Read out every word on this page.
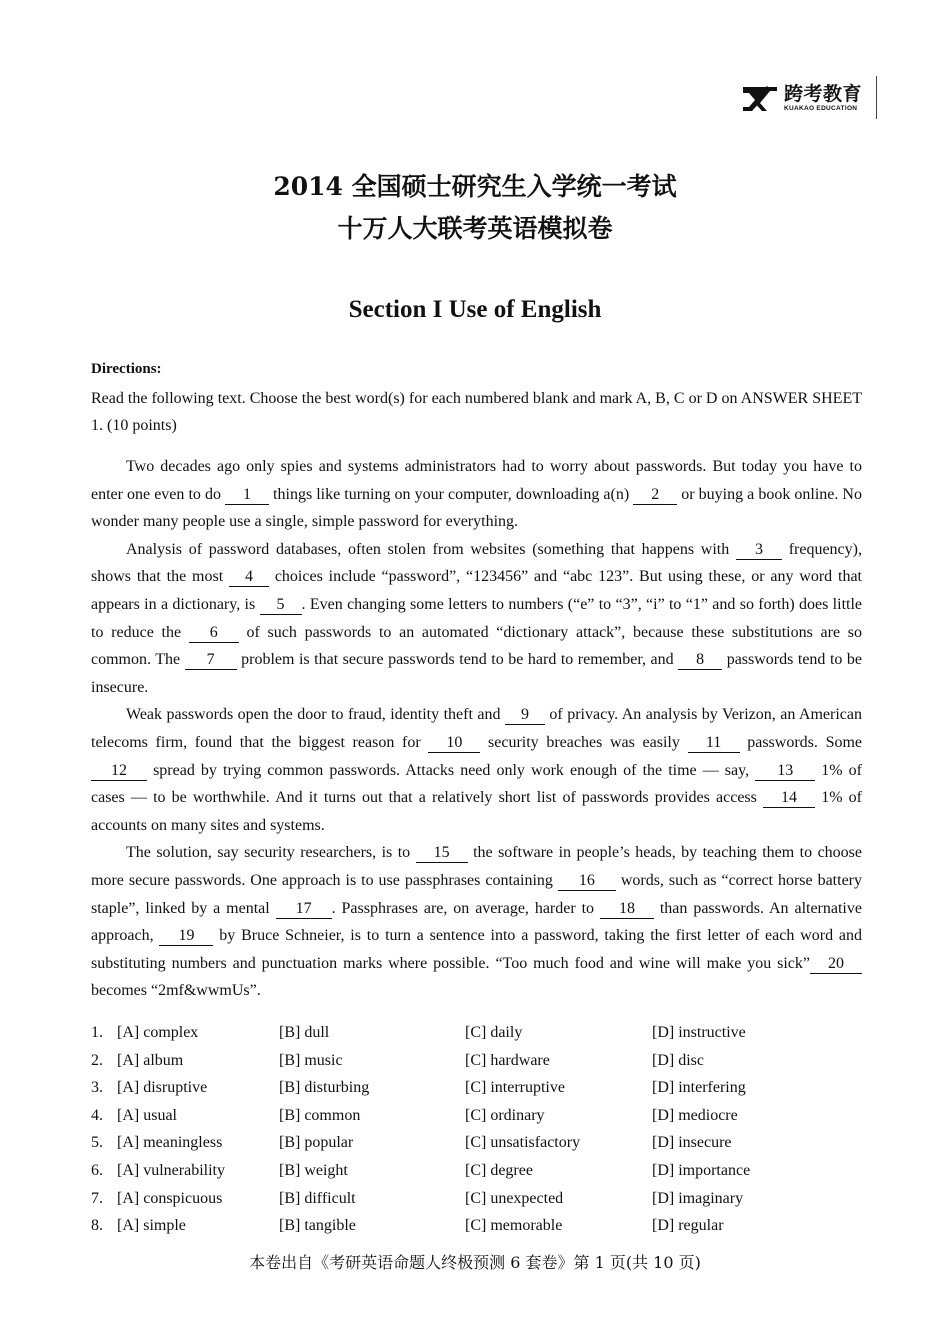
跨考教育
KUAKAO EDUCATION
2014 全国硕士研究生入学统一考试
十万人大联考英语模拟卷
Section I Use of English
Directions:

Read the following text. Choose the best word(s) for each numbered blank and mark A, B, C or D on ANSWER SHEET 1. (10 points)

Two decades ago only spies and systems administrators had to worry about passwords. But today you have to enter one even to do 1 things like turning on your computer, downloading a(n) 2 or buying a book online. No wonder many people use a single, simple password for everything.

Analysis of password databases, often stolen from websites (something that happens with 3 frequency), shows that the most 4 choices include “password”, “123456” and “abc 123”. But using these, or any word that appears in a dictionary, is 5 . Even changing some letters to numbers (“e” to “3”, “i” to “1” and so forth) does little to reduce the 6 of such passwords to an automated “dictionary attack”, because these substitutions are so common. The 7 problem is that secure passwords tend to be hard to remember, and 8 passwords tend to be insecure.

Weak passwords open the door to fraud, identity theft and 9 of privacy. An analysis by Verizon, an American telecoms firm, found that the biggest reason for 10 security breaches was easily 11 passwords. Some 12 spread by trying common passwords. Attacks need only work enough of the time — say, 13 1% of cases — to be worthwhile. And it turns out that a relatively short list of passwords provides access 14 1% of accounts on many sites and systems.

The solution, say security researchers, is to 15 the software in people’s heads, by teaching them to choose more secure passwords. One approach is to use passphrases containing 16 words, such as “correct horse battery staple”, linked by a mental 17 . Passphrases are, on average, harder to 18 than passwords. An alternative approach, 19 by Bruce Schneier, is to turn a sentence into a password, taking the first letter of each word and substituting numbers and punctuation marks where possible. “Too much food and wine will make you sick” 20 becomes “2mf&wwmUs”.

1. [A] complex	[B] dull	[C] daily	[D] instructive
2. [A] album	[B] music	[C] hardware	[D] disc
3. [A] disruptive	[B] disturbing	[C] interruptive	[D] interfering
4. [A] usual	[B] common	[C] ordinary	[D] mediocre
5. [A] meaningless	[B] popular	[C] unsatisfactory	[D] insecure
6. [A] vulnerability	[B] weight	[C] degree	[D] importance
7. [A] conspicuous	[B] difficult	[C] unexpected	[D] imaginary
8. [A] simple	[B] tangible	[C] memorable	[D] regular
本卷出自《考研英语命题人终极预测 6 套卷》第 1 页(共 10 页)
